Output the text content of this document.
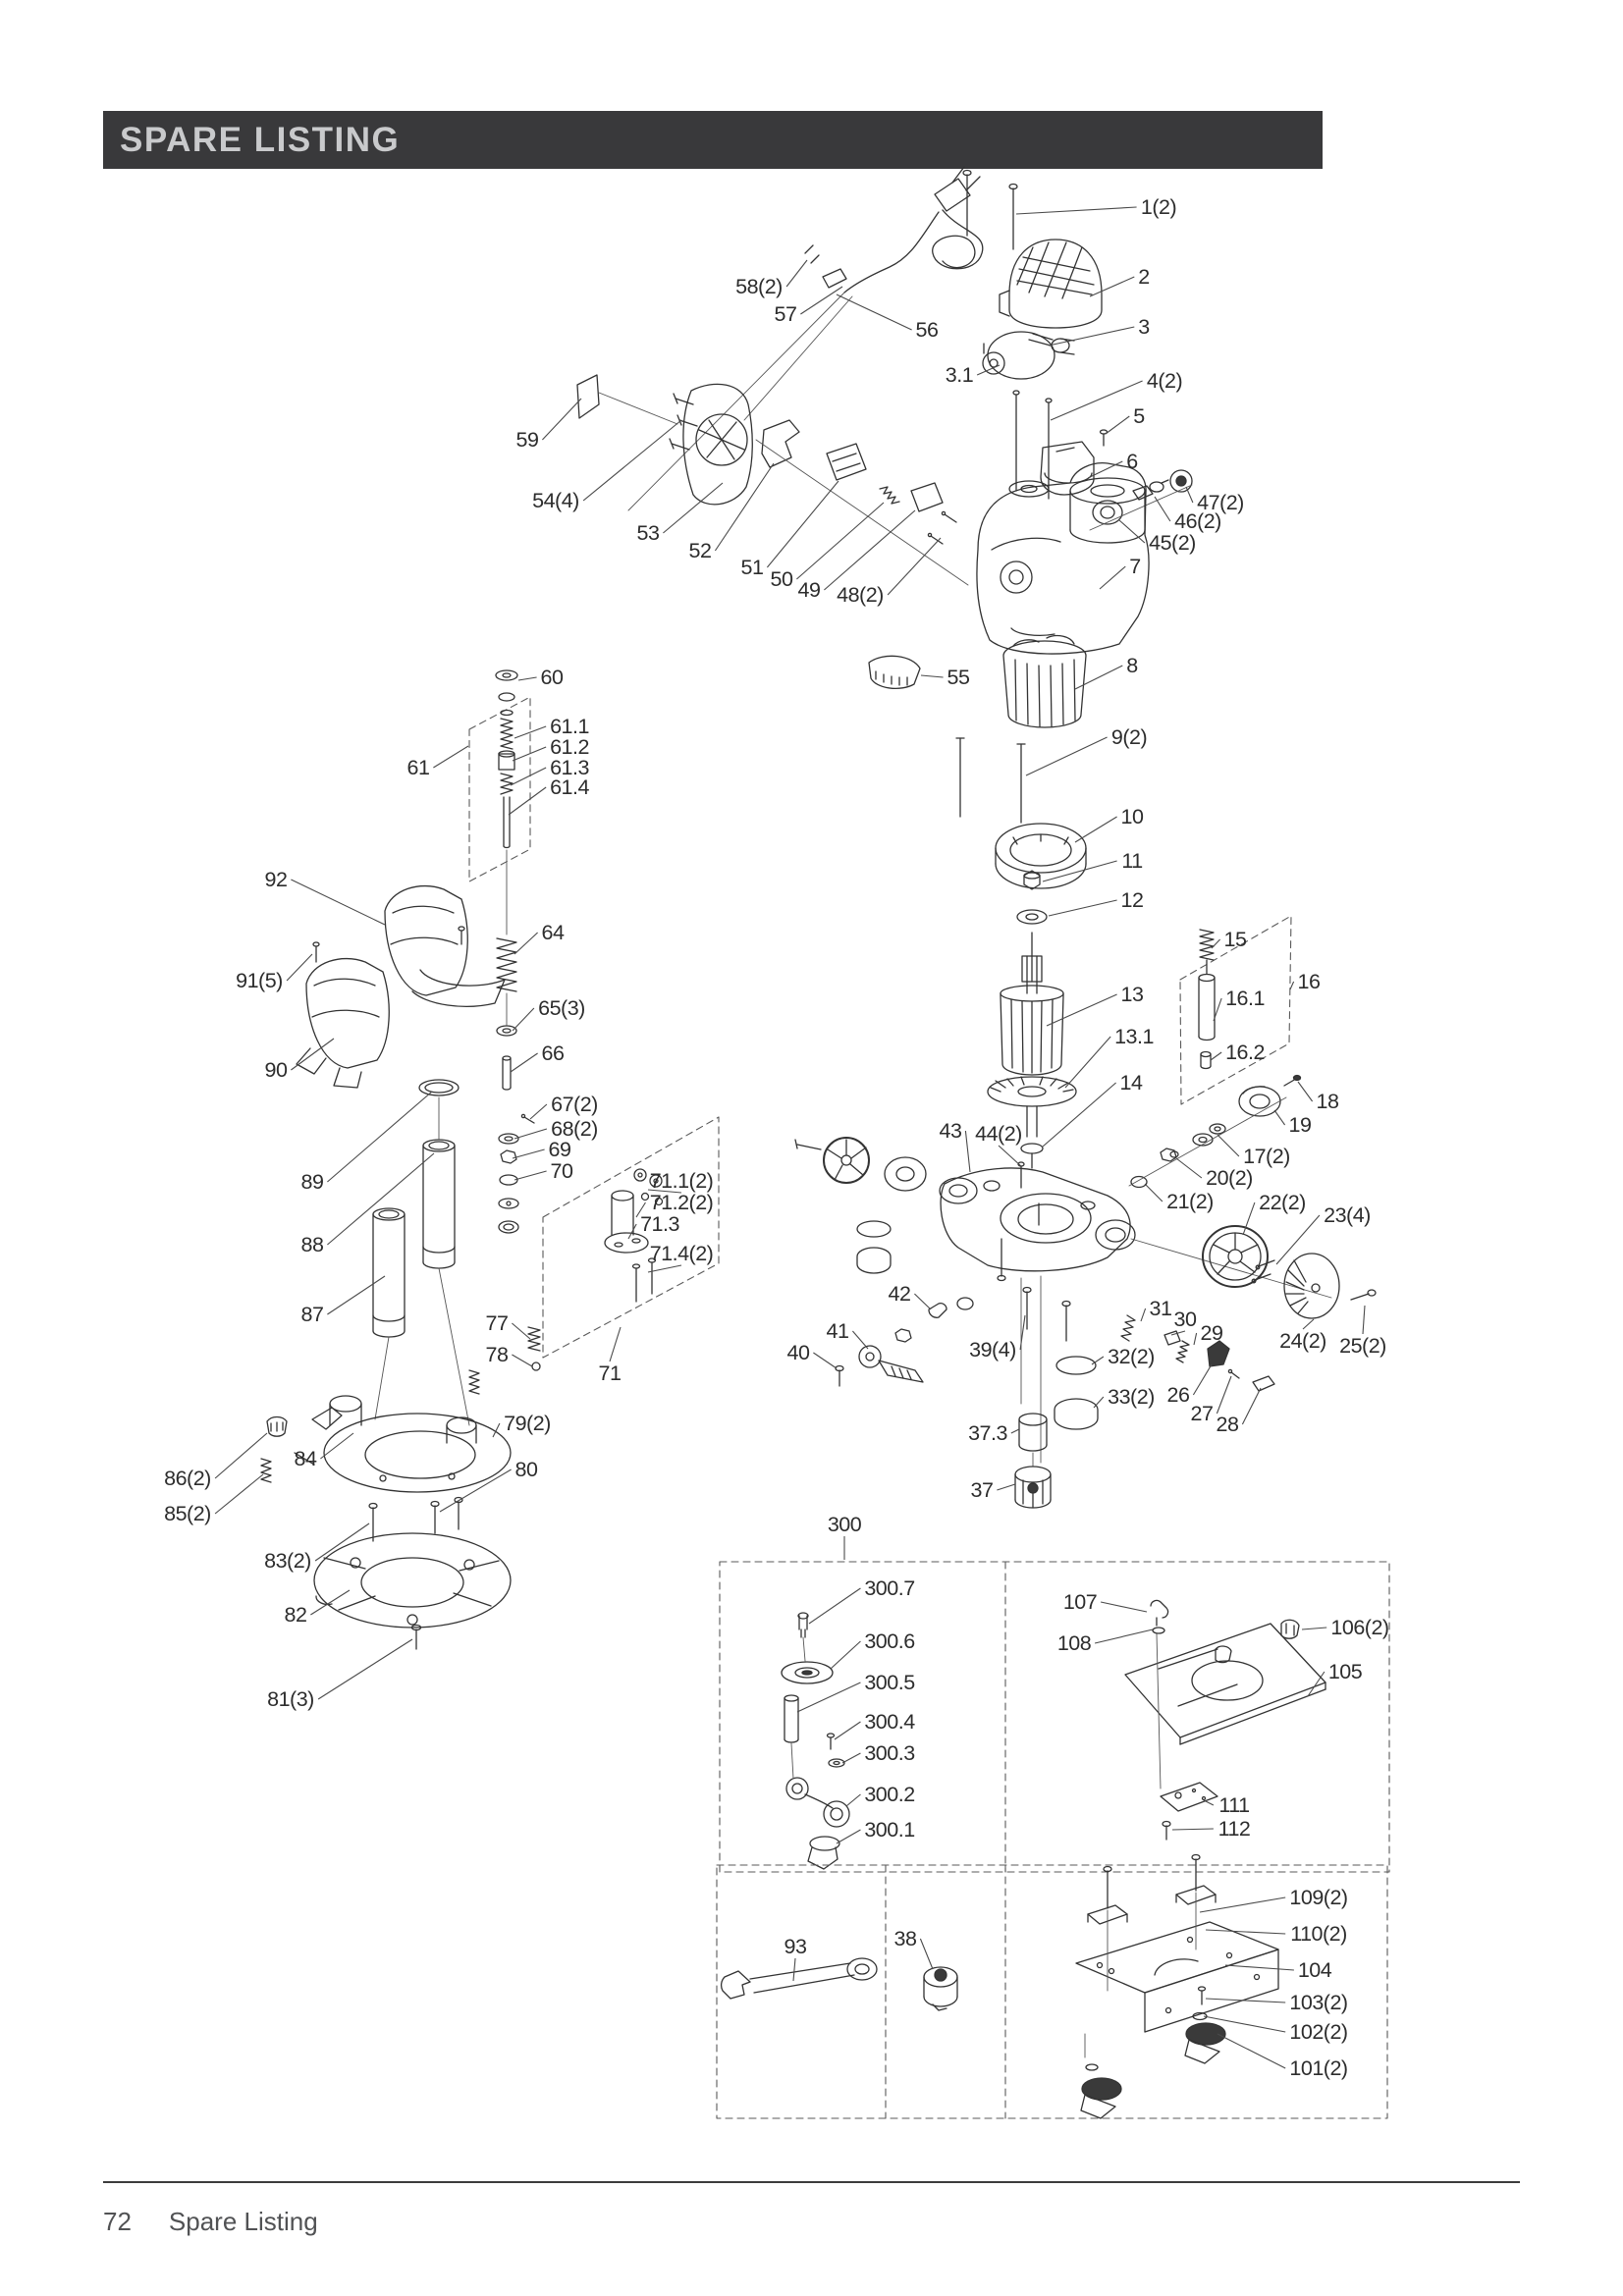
SPARE LISTING
1(2)
2
3
3.1	4(2)
5
6
47(2)
46(2)
45(2)
7
58(2)
57
56
59
54(4)
53
52
51 50 49 48(2)
55	8
9(2)
10
11
12
13
13.1
14
15
16
16.1
16.2
18
19
17(2)
20(2)
21(2) 22(2)
23(4)
31 30
29	24(2) 25(2)
32(2)
33(2) 26
27 28
43 44(2)
42
41
40	39(4)
37.3
37
300
60
61
61.1
61.2
61.3
61.4
92
91(5)
90
64
65(3)
66
67(2)
68(2)
69
70	71.1(2)
71.2(2)
71.3
71.4(2)
89
88
87	77
78
71
79(2)
84
86(2)
85(2)
80
83(2)
82
81(3)
300.7
300.6
300.5
300.4
300.3
300.2
300.1
107
108
106(2)
105
111
112
93	38
109(2)
110(2)
104
103(2)
102(2)
101(2)
72 Spare Listing
